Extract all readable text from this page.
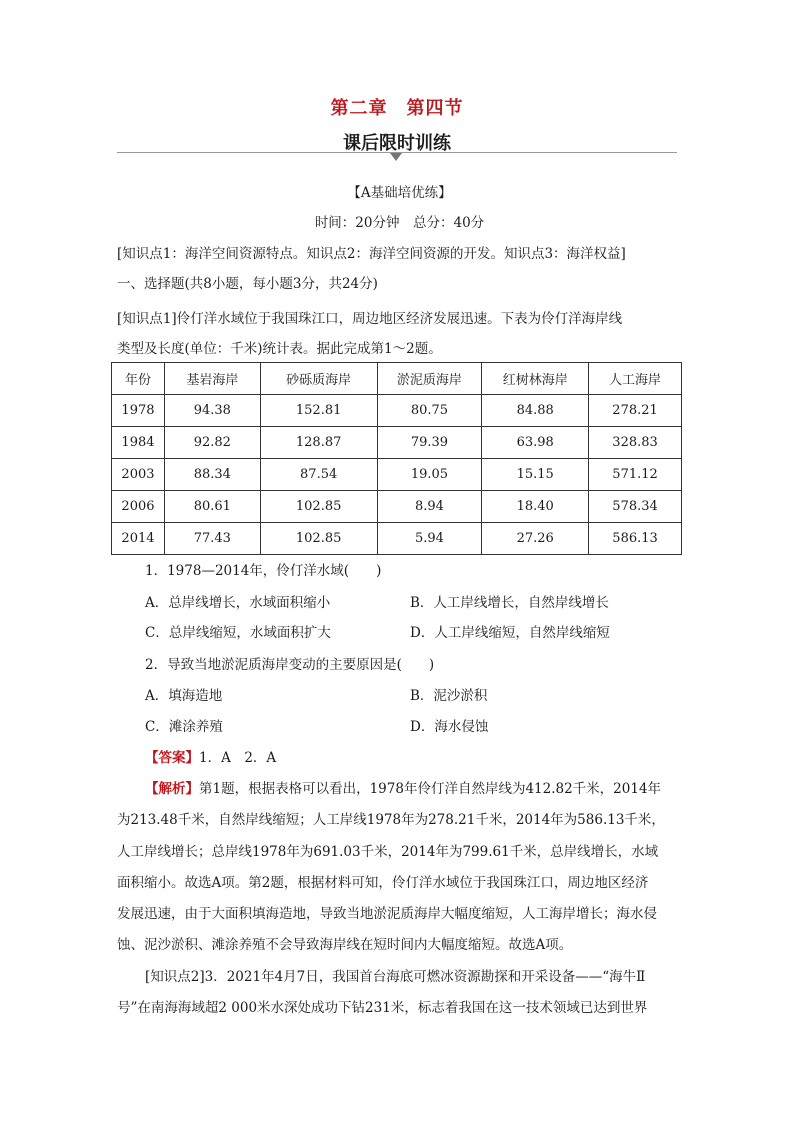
第二章　第四节
课后限时训练
【A基础培优练】
时间：20分钟　总分：40分
[知识点1：海洋空间资源特点。知识点2：海洋空间资源的开发。知识点3：海洋权益]
一、选择题(共8小题，每小题3分，共24分)
[知识点1]伶仃洋水域位于我国珠江口，周边地区经济发展迅速。下表为伶仃洋海岸线
类型及长度(单位：千米)统计表。据此完成第1～2题。
年份	基岩海岸	砂砾质海岸	淤泥质海岸	红树林海岸	人工海岸
1978	94.38	152.81	80.75	84.88	278.21
1984	92.82	128.87	79.39	63.98	328.83
2003	88.34	87.54	19.05	15.15	571.12
2006	80.61	102.85	8.94	18.40	578.34
2014	77.43	102.85	5.94	27.26	586.13
1．1978—2014年，伶仃洋水域(　　)
A．总岸线增长，水域面积缩小	B．人工岸线增长，自然岸线增长
C．总岸线缩短，水域面积扩大	D．人工岸线缩短，自然岸线缩短
2．导致当地淤泥质海岸变动的主要原因是(　　)
A．填海造地	B．泥沙淤积
C．滩涂养殖	D．海水侵蚀
【答案】1．A　2．A
【解析】第1题，根据表格可以看出，1978年伶仃洋自然岸线为412.82千米，2014年
为213.48千米，自然岸线缩短；人工岸线1978年为278.21千米，2014年为586.13千米，
人工岸线增长；总岸线1978年为691.03千米，2014年为799.61千米，总岸线增长，水域
面积缩小。故选A项。第2题，根据材料可知，伶仃洋水域位于我国珠江口，周边地区经济
发展迅速，由于大面积填海造地，导致当地淤泥质海岸大幅度缩短，人工海岸增长；海水侵
蚀、泥沙淤积、滩涂养殖不会导致海岸线在短时间内大幅度缩短。故选A项。
[知识点2]3．2021年4月7日，我国首台海底可燃冰资源勘探和开采设备——“海牛Ⅱ
号”在南海海域超2 000米水深处成功下钻231米，标志着我国在这一技术领域已达到世界
